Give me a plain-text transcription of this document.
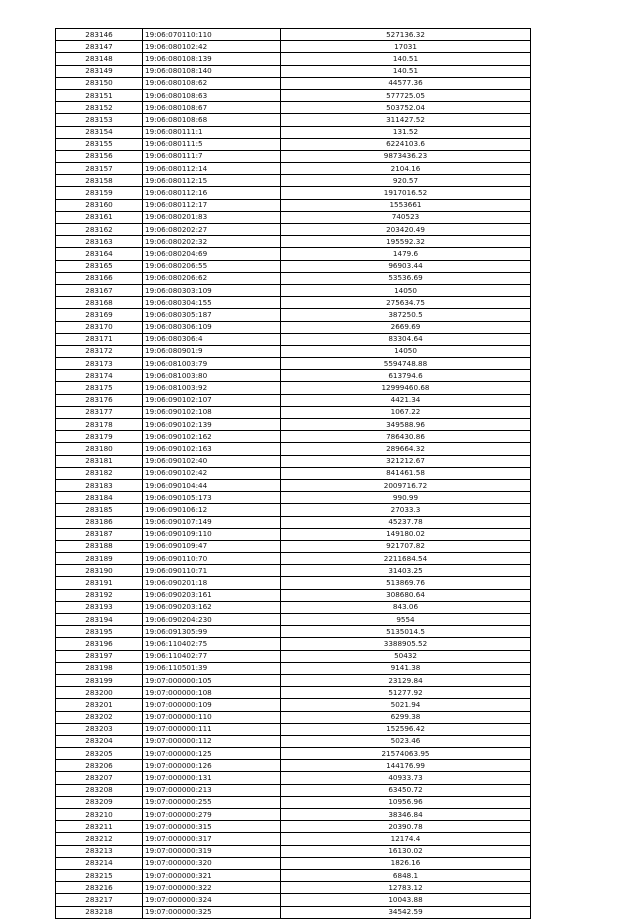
283146	19:06:070110:110	527136.32
283147	19:06:080102:42	17031
283148	19:06:080108:139	140.51
283149	19:06:080108:140	140.51
283150	19:06:080108:62	44577.36
283151	19:06:080108:63	577725.05
283152	19:06:080108:67	503752.04
283153	19:06:080108:68	311427.52
283154	19:06:080111:1	131.52
283155	19:06:080111:5	6224103.6
283156	19:06:080111:7	9873436.23
283157	19:06:080112:14	2104.16
283158	19:06:080112:15	920.57
283159	19:06:080112:16	1917016.52
283160	19:06:080112:17	1553661
283161	19:06:080201:83	740523
283162	19:06:080202:27	203420.49
283163	19:06:080202:32	195592.32
283164	19:06:080204:69	1479.6
283165	19:06:080206:55	96903.44
283166	19:06:080206:62	53536.69
283167	19:06:080303:109	14050
283168	19:06:080304:155	275634.75
283169	19:06:080305:187	387250.5
283170	19:06:080306:109	2669.69
283171	19:06:080306:4	83304.64
283172	19:06:080901:9	14050
283173	19:06:081003:79	5594748.88
283174	19:06:081003:80	613794.6
283175	19:06:081003:92	12999460.68
283176	19:06:090102:107	4421.34
283177	19:06:090102:108	1067.22
283178	19:06:090102:139	349588.96
283179	19:06:090102:162	786430.86
283180	19:06:090102:163	289664.32
283181	19:06:090102:40	321212.67
283182	19:06:090102:42	841461.58
283183	19:06:090104:44	2009716.72
283184	19:06:090105:173	990.99
283185	19:06:090106:12	27033.3
283186	19:06:090107:149	45237.78
283187	19:06:090109:110	149180.02
283188	19:06:090109:47	921707.82
283189	19:06:090110:70	2211684.54
283190	19:06:090110:71	31403.25
283191	19:06:090201:18	513869.76
283192	19:06:090203:161	308680.64
283193	19:06:090203:162	843.06
283194	19:06:090204:230	9554
283195	19:06:091305:99	5135014.5
283196	19:06:110402:75	3388905.52
283197	19:06:110402:77	50432
283198	19:06:110501:39	9141.38
283199	19:07:000000:105	23129.84
283200	19:07:000000:108	51277.92
283201	19:07:000000:109	5021.94
283202	19:07:000000:110	6299.38
283203	19:07:000000:111	152596.42
283204	19:07:000000:112	5023.46
283205	19:07:000000:125	21574063.95
283206	19:07:000000:126	144176.99
283207	19:07:000000:131	40933.73
283208	19:07:000000:213	63450.72
283209	19:07:000000:255	10956.96
283210	19:07:000000:279	38346.84
283211	19:07:000000:315	20390.78
283212	19:07:000000:317	12174.4
283213	19:07:000000:319	16130.02
283214	19:07:000000:320	1826.16
283215	19:07:000000:321	6848.1
283216	19:07:000000:322	12783.12
283217	19:07:000000:324	10043.88
283218	19:07:000000:325	34542.59
